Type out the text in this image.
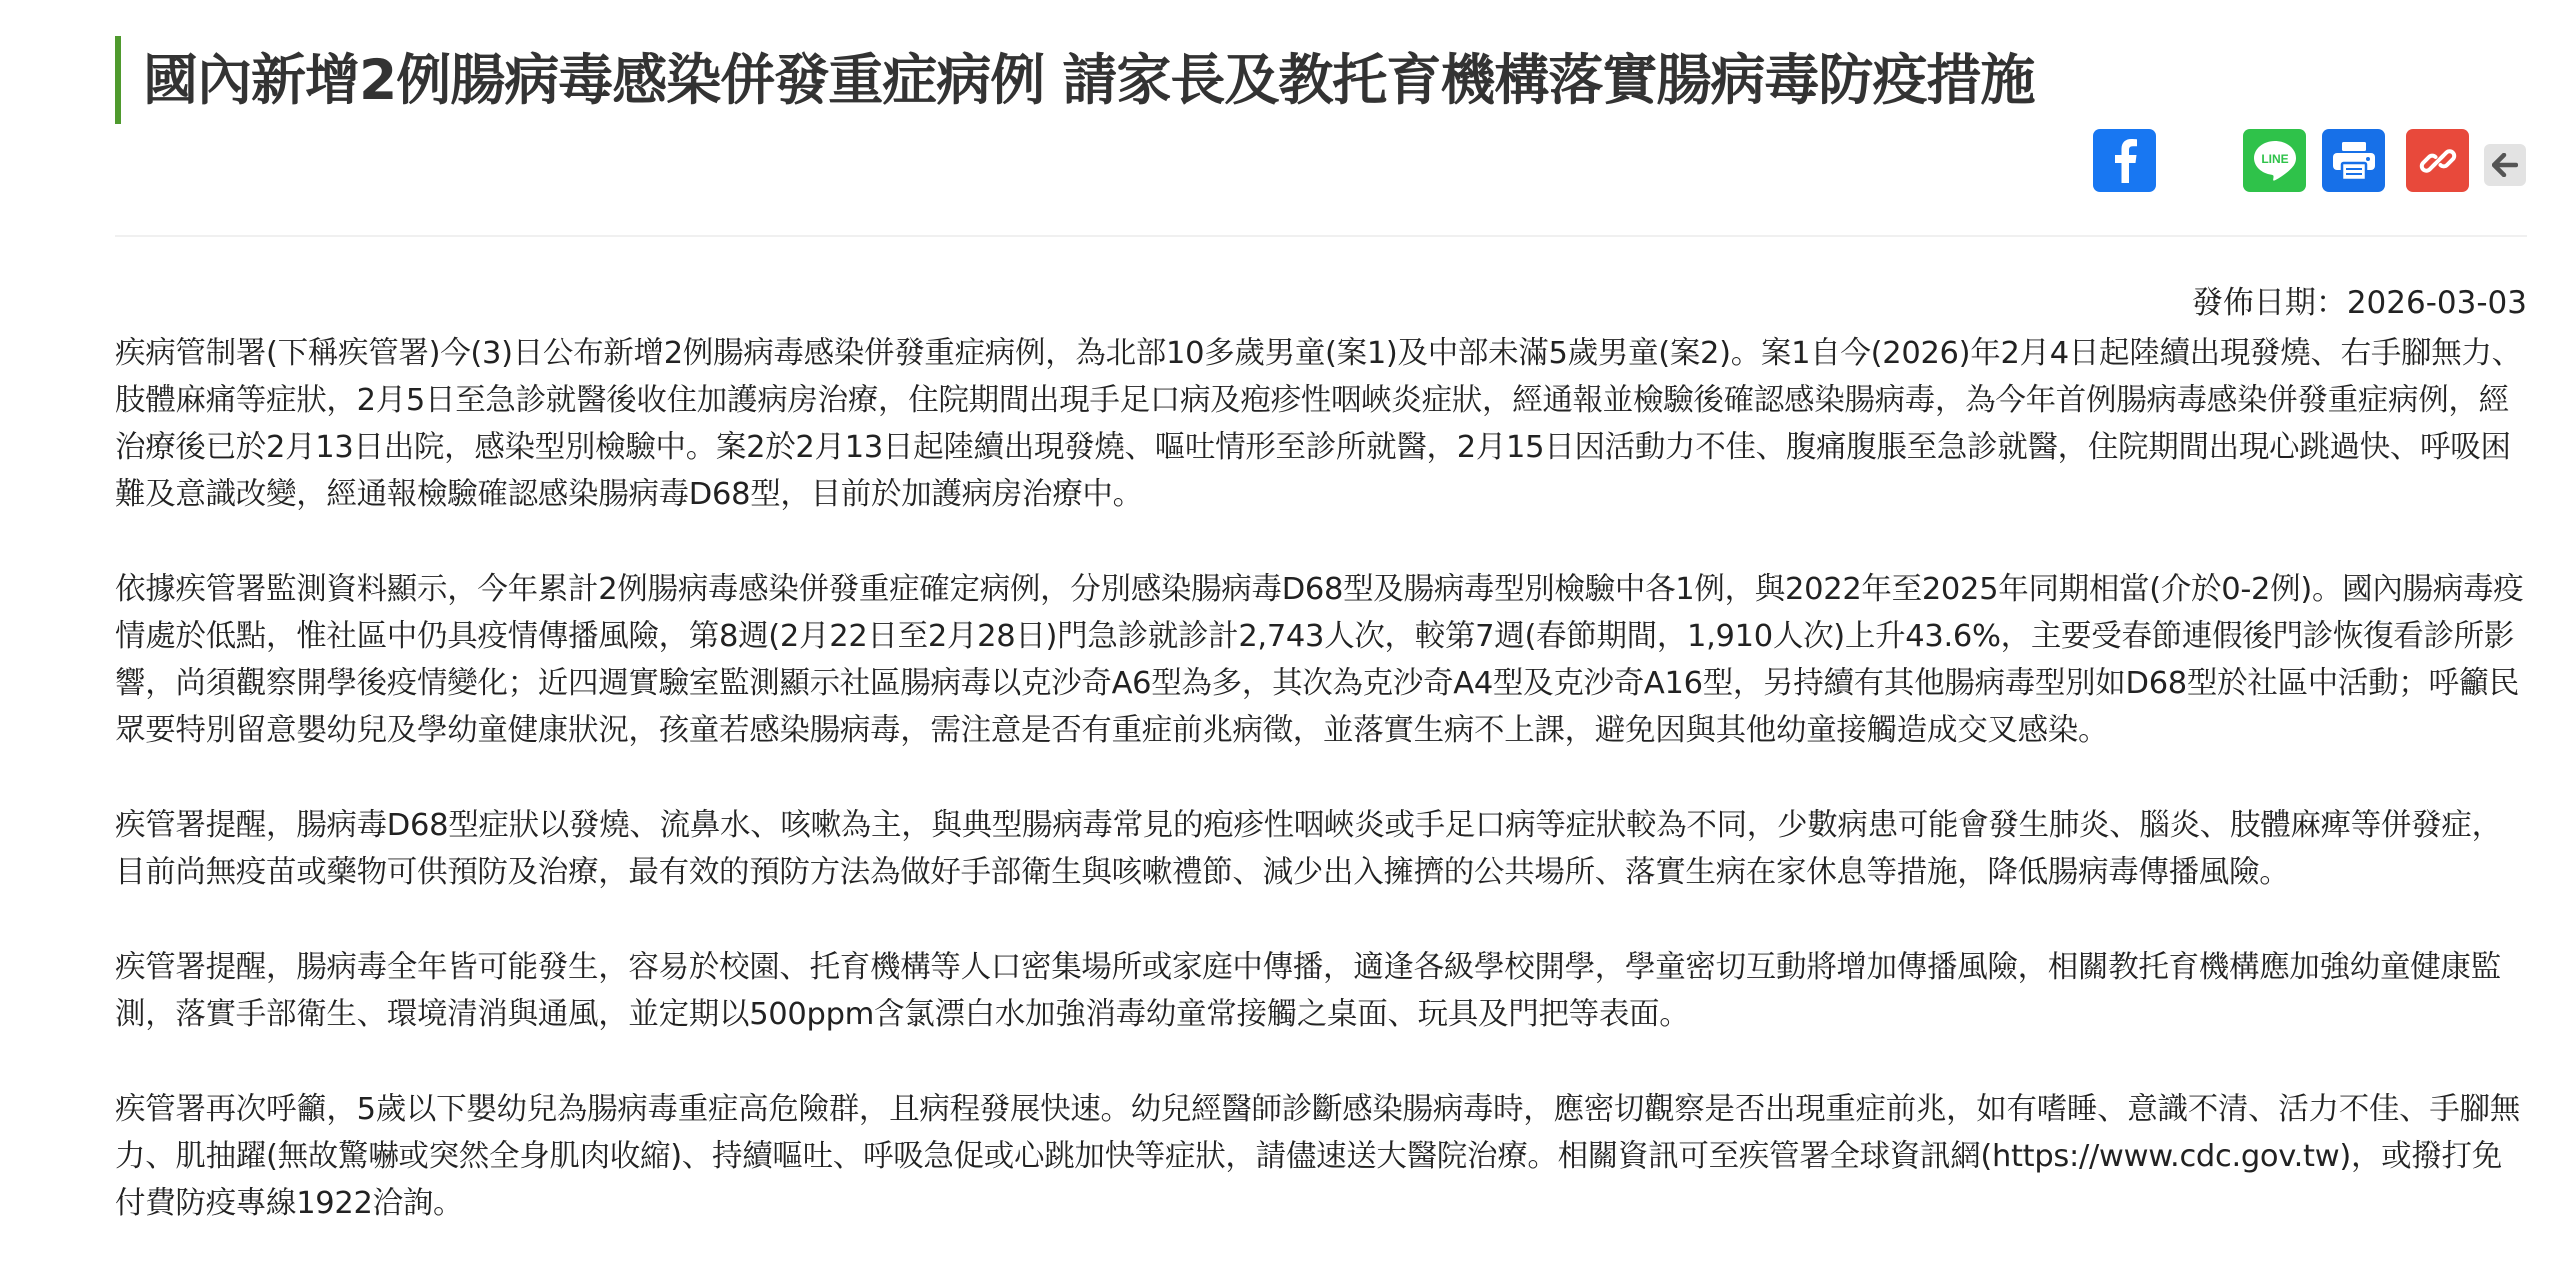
國內新增2例腸病毒感染併發重症病例 請家長及教托育機構落實腸病毒防疫措施
LINE
發佈日期：2026-03-03

疾病管制署(下稱疾管署)今(3)日公布新增2例腸病毒感染併發重症病例，為北部10多歲男童(案1)及中部未滿5歲男童(案2)。案1自今(2026)年2月4日起陸續出現發燒、右手腳無力、肢體麻痛等症狀，2月5日至急診就醫後收住加護病房治療，住院期間出現手足口病及疱疹性咽峽炎症狀，經通報並檢驗後確認感染腸病毒，為今年首例腸病毒感染併發重症病例，經治療後已於2月13日出院，感染型別檢驗中。案2於2月13日起陸續出現發燒、嘔吐情形至診所就醫，2月15日因活動力不佳、腹痛腹脹至急診就醫，住院期間出現心跳過快、呼吸困難及意識改變，經通報檢驗確認感染腸病毒D68型，目前於加護病房治療中。

依據疾管署監測資料顯示，今年累計2例腸病毒感染併發重症確定病例，分別感染腸病毒D68型及腸病毒型別檢驗中各1例，與2022年至2025年同期相當(介於0-2例)。國內腸病毒疫情處於低點，惟社區中仍具疫情傳播風險，第8週(2月22日至2月28日)門急診就診計2,743人次，較第7週(春節期間，1,910人次)上升43.6%，主要受春節連假後門診恢復看診所影響，尚須觀察開學後疫情變化；近四週實驗室監測顯示社區腸病毒以克沙奇A6型為多，其次為克沙奇A4型及克沙奇A16型，另持續有其他腸病毒型別如D68型於社區中活動；呼籲民眾要特別留意嬰幼兒及學幼童健康狀況，孩童若感染腸病毒，需注意是否有重症前兆病徵，並落實生病不上課，避免因與其他幼童接觸造成交叉感染。

疾管署提醒，腸病毒D68型症狀以發燒、流鼻水、咳嗽為主，與典型腸病毒常見的疱疹性咽峽炎或手足口病等症狀較為不同，少數病患可能會發生肺炎、腦炎、肢體麻痺等併發症，目前尚無疫苗或藥物可供預防及治療，最有效的預防方法為做好手部衛生與咳嗽禮節、減少出入擁擠的公共場所、落實生病在家休息等措施，降低腸病毒傳播風險。

疾管署提醒，腸病毒全年皆可能發生，容易於校園、托育機構等人口密集場所或家庭中傳播，適逢各級學校開學，學童密切互動將增加傳播風險，相關教托育機構應加強幼童健康監測，落實手部衛生、環境清消與通風，並定期以500ppm含氯漂白水加強消毒幼童常接觸之桌面、玩具及門把等表面。

疾管署再次呼籲，5歲以下嬰幼兒為腸病毒重症高危險群，且病程發展快速。幼兒經醫師診斷感染腸病毒時，應密切觀察是否出現重症前兆，如有嗜睡、意識不清、活力不佳、手腳無力、肌抽躍(無故驚嚇或突然全身肌肉收縮)、持續嘔吐、呼吸急促或心跳加快等症狀，請儘速送大醫院治療。相關資訊可至疾管署全球資訊網(https://www.cdc.gov.tw)，或撥打免付費防疫專線1922洽詢。
